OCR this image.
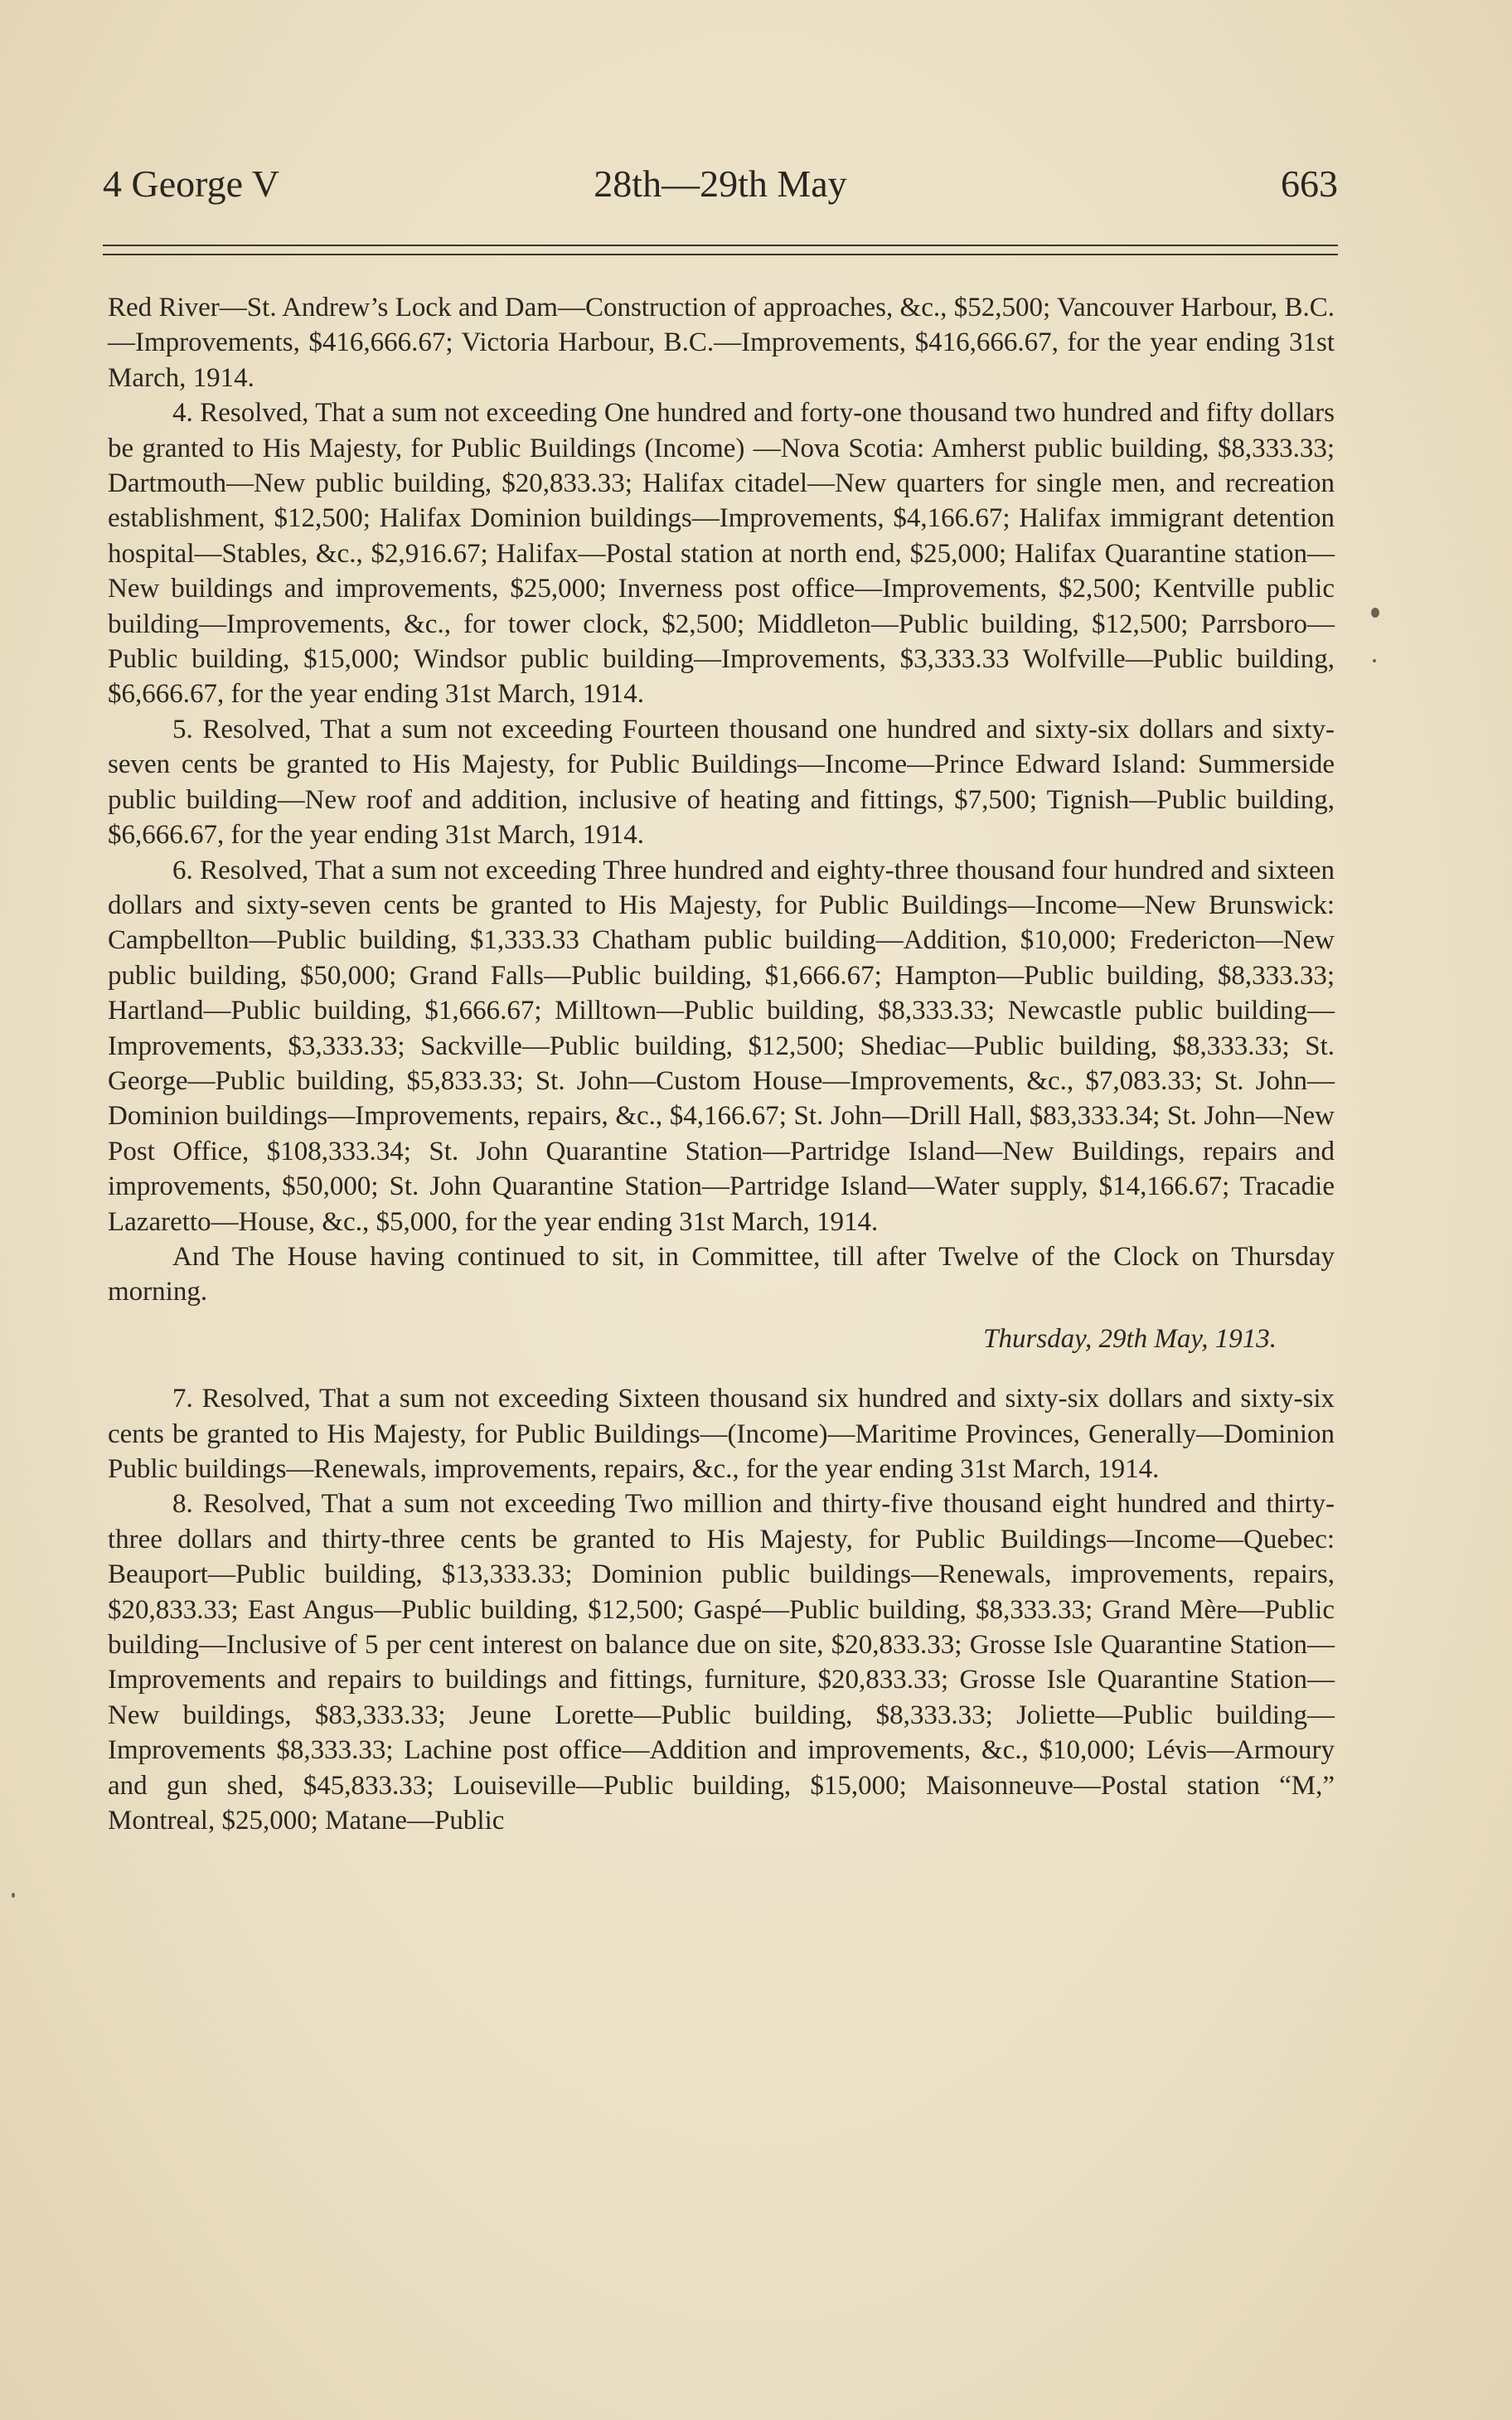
4 George V	28th—29th May	663

Red River—St. Andrew’s Lock and Dam—Construction of approaches, &c., $52,500; Vancouver Harbour, B.C.—Improvements, $416,666.67; Victoria Harbour, B.C.—Improvements, $416,666.67, for the year ending 31st March, 1914.

4. Resolved, That a sum not exceeding One hundred and forty-one thousand two hundred and fifty dollars be granted to His Majesty, for Public Buildings (Income) —Nova Scotia: Amherst public building, $8,333.33; Dartmouth—New public building, $20,833.33; Halifax citadel—New quarters for single men, and recreation establishment, $12,500; Halifax Dominion buildings—Improvements, $4,166.67; Halifax immigrant detention hospital—Stables, &c., $2,916.67; Halifax—Postal station at north end, $25,000; Halifax Quarantine station—New buildings and improvements, $25,000; Inverness post office—Improvements, $2,500; Kentville public building—Improvements, &c., for tower clock, $2,500; Middleton—Public building, $12,500; Parrsboro—Public building, $15,000; Windsor public building—Improvements, $3,333.33 Wolfville—Public building, $6,666.67, for the year ending 31st March, 1914.

5. Resolved, That a sum not exceeding Fourteen thousand one hundred and sixty-six dollars and sixty-seven cents be granted to His Majesty, for Public Buildings—Income—Prince Edward Island: Summerside public building—New roof and addition, inclusive of heating and fittings, $7,500; Tignish—Public building, $6,666.67, for the year ending 31st March, 1914.

6. Resolved, That a sum not exceeding Three hundred and eighty-three thousand four hundred and sixteen dollars and sixty-seven cents be granted to His Majesty, for Public Buildings—Income—New Brunswick: Campbellton—Public building, $1,333.33 Chatham public building—Addition, $10,000; Fredericton—New public building, $50,000; Grand Falls—Public building, $1,666.67; Hampton—Public building, $8,333.33; Hartland—Public building, $1,666.67; Milltown—Public building, $8,333.33; Newcastle public building—Improvements, $3,333.33; Sackville—Public building, $12,500; Shediac—Public building, $8,333.33; St. George—Public building, $5,833.33; St. John—Custom House—Improvements, &c., $7,083.33; St. John—Dominion buildings—Improvements, repairs, &c., $4,166.67; St. John—Drill Hall, $83,333.34; St. John—New Post Office, $108,333.34; St. John Quarantine Station—Partridge Island—New Buildings, repairs and improvements, $50,000; St. John Quarantine Station—Partridge Island—Water supply, $14,166.67; Tracadie Lazaretto—House, &c., $5,000, for the year ending 31st March, 1914.

And The House having continued to sit, in Committee, till after Twelve of the Clock on Thursday morning.

Thursday, 29th May, 1913.

7. Resolved, That a sum not exceeding Sixteen thousand six hundred and sixty-six dollars and sixty-six cents be granted to His Majesty, for Public Buildings—(Income)—Maritime Provinces, Generally—Dominion Public buildings—Renewals, improvements, repairs, &c., for the year ending 31st March, 1914.

8. Resolved, That a sum not exceeding Two million and thirty-five thousand eight hundred and thirty-three dollars and thirty-three cents be granted to His Majesty, for Public Buildings—Income—Quebec: Beauport—Public building, $13,333.33; Dominion public buildings—Renewals, improvements, repairs, $20,833.33; East Angus—Public building, $12,500; Gaspé—Public building, $8,333.33; Grand Mère—Public building—Inclusive of 5 per cent interest on balance due on site, $20,833.33; Grosse Isle Quarantine Station—Improvements and repairs to buildings and fittings, furniture, $20,833.33; Grosse Isle Quarantine Station—New buildings, $83,333.33; Jeune Lorette—Public building, $8,333.33; Joliette—Public building—Improvements $8,333.33; Lachine post office—Addition and improvements, &c., $10,000; Lévis—Armoury and gun shed, $45,833.33; Louiseville—Public building, $15,000; Maisonneuve—Postal station “M,” Montreal, $25,000; Matane—Public
